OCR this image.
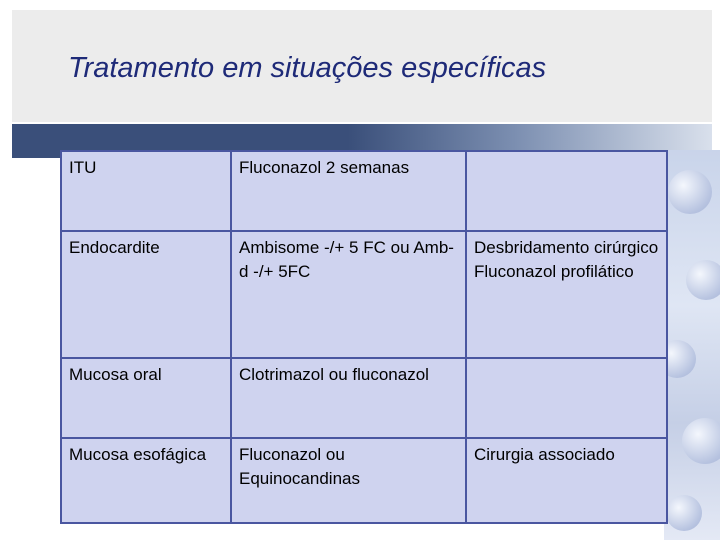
Tratamento em situações específicas
ITU	Fluconazol 2 semanas	
Endocardite	Ambisome -/+ 5 FC ou Amb-d -/+ 5FC	Desbridamento cirúrgico Fluconazol profilático
Mucosa oral	Clotrimazol ou fluconazol	
Mucosa esofágica	Fluconazol ou Equinocandinas	Cirurgia associado
